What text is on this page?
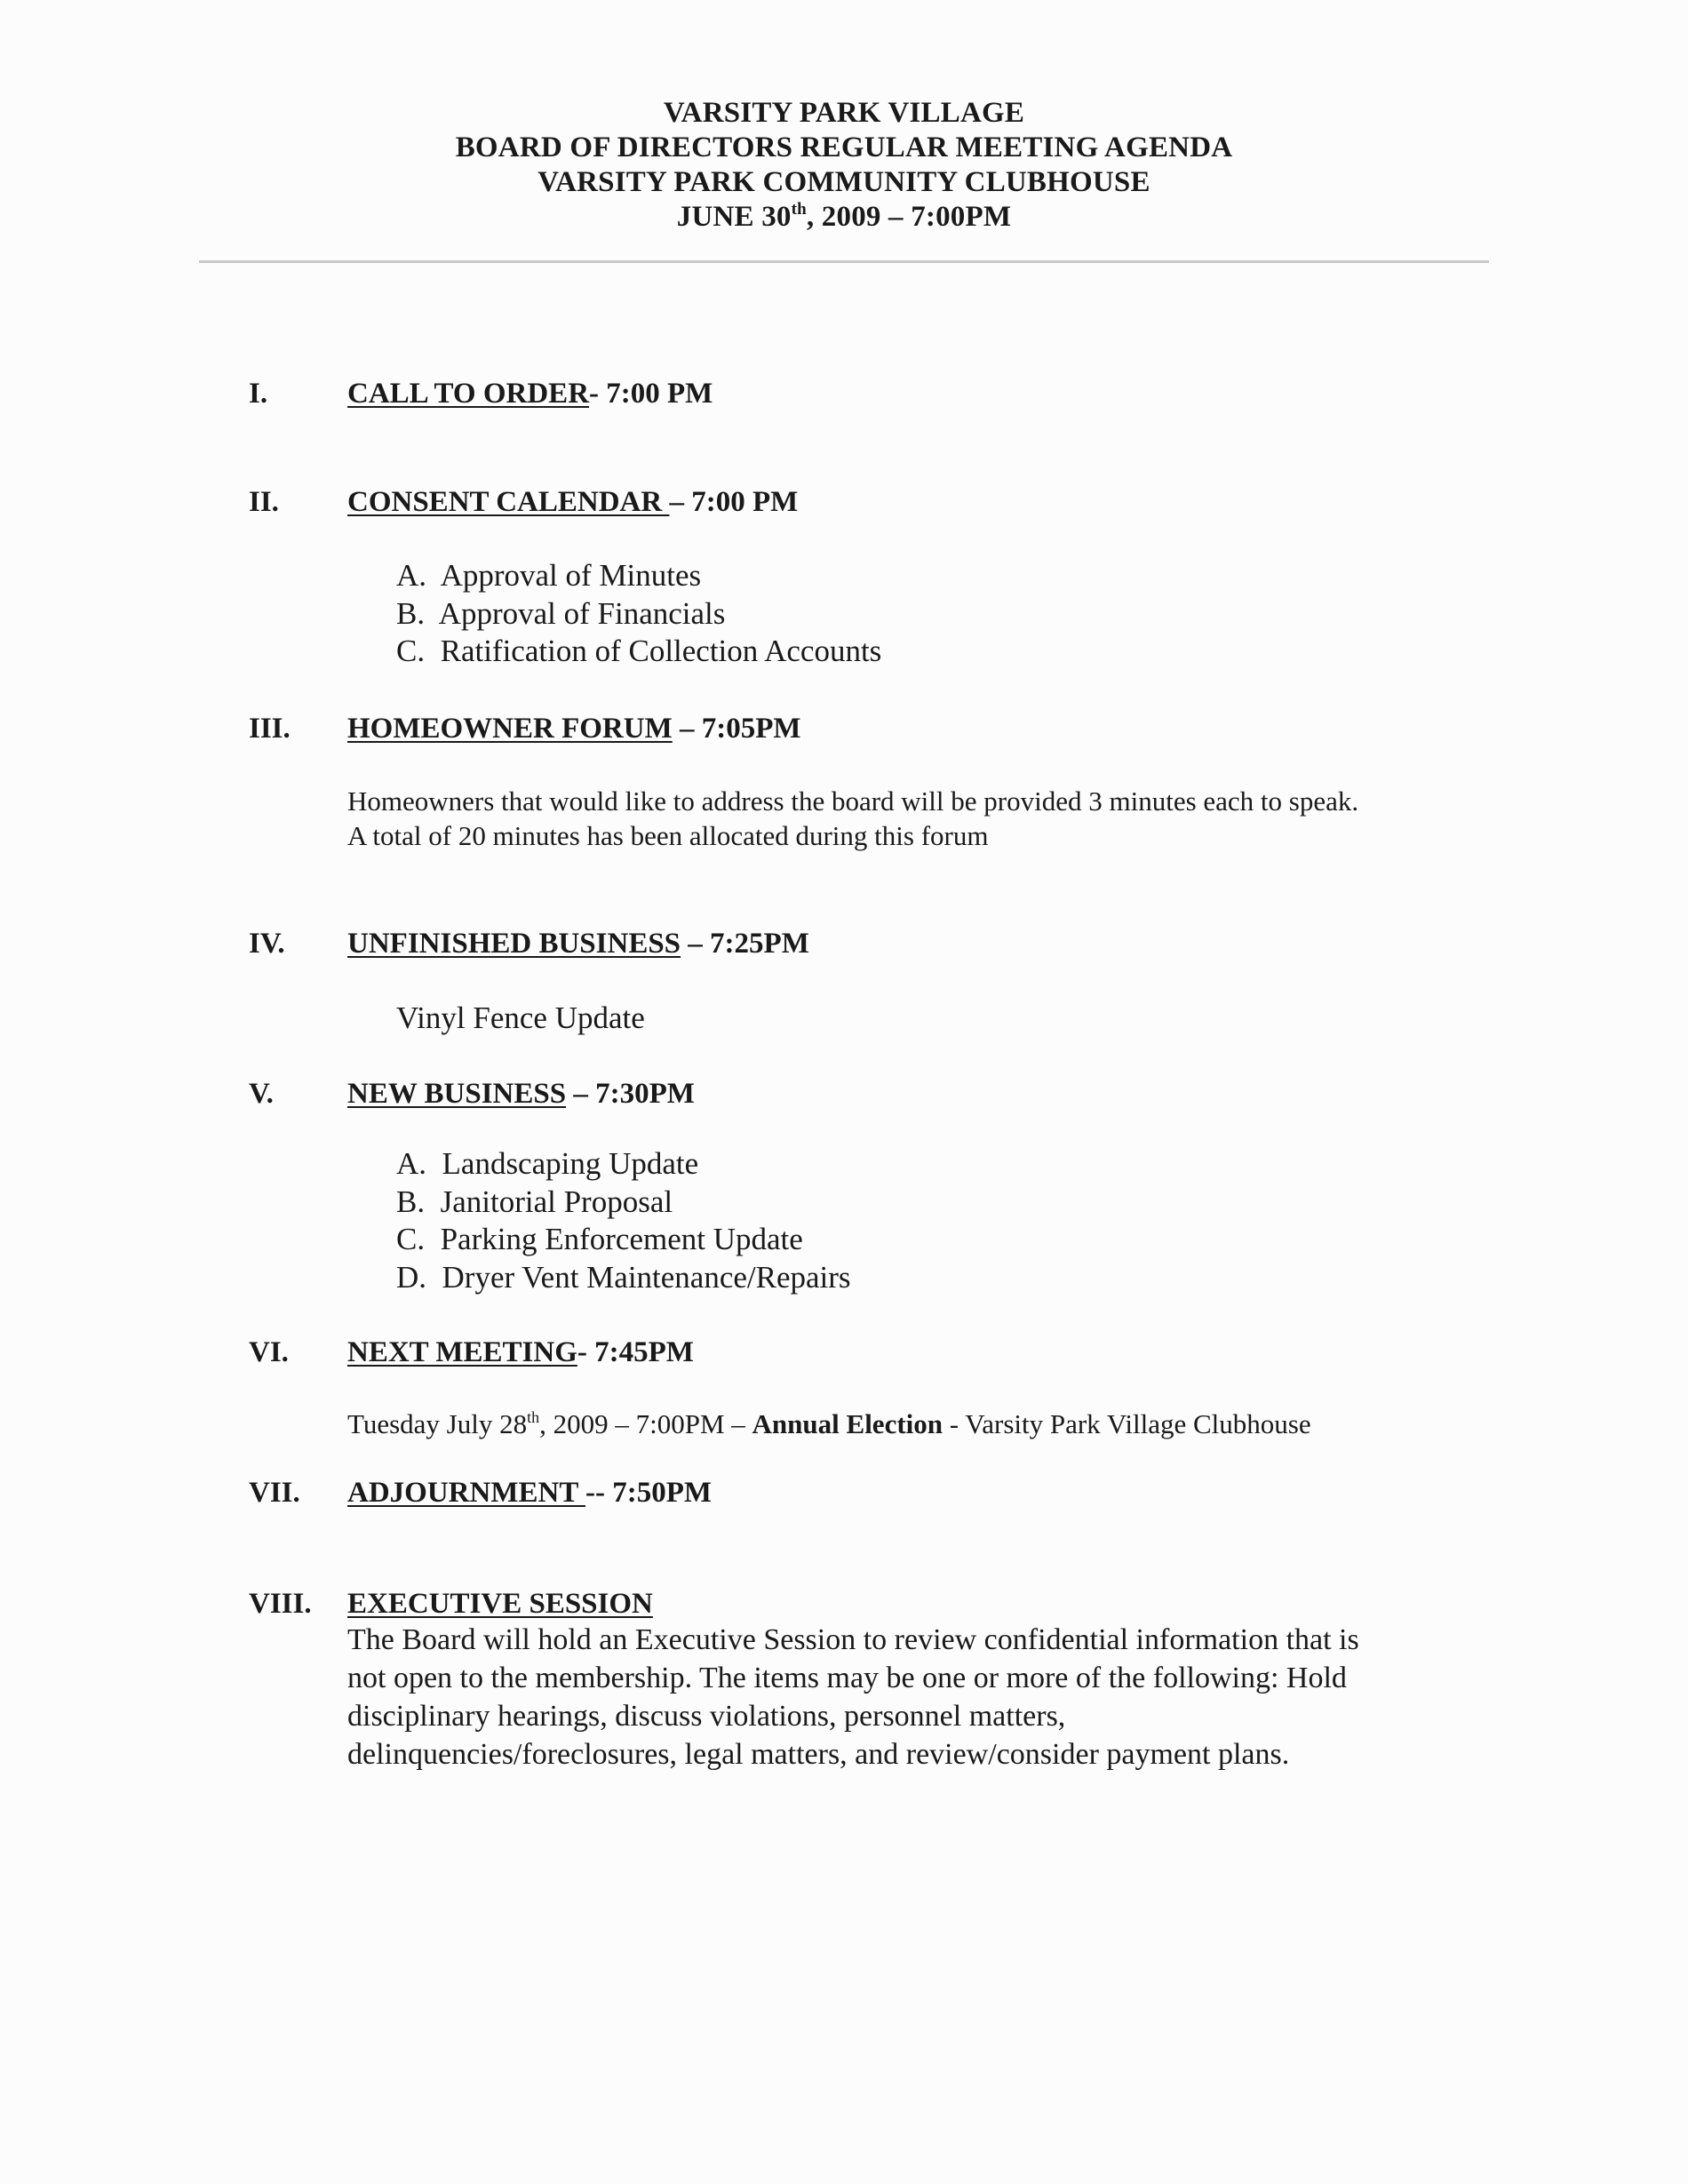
VARSITY PARK VILLAGE
BOARD OF DIRECTORS REGULAR MEETING AGENDA
VARSITY PARK COMMUNITY CLUBHOUSE
JUNE 30th, 2009 – 7:00PM
I.	CALL TO ORDER- 7:00 PM
II. CONSENT CALENDAR – 7:00 PM
A.  Approval of Minutes
B.  Approval of Financials
C.  Ratification of Collection Accounts
III. HOMEOWNER FORUM – 7:05PM
Homeowners that would like to address the board will be provided 3 minutes each to speak.
A total of 20 minutes has been allocated during this forum
IV. UNFINISHED BUSINESS – 7:25PM
Vinyl Fence Update
V.	NEW BUSINESS – 7:30PM
A.  Landscaping Update
B.  Janitorial Proposal
C.  Parking Enforcement Update
D.  Dryer Vent Maintenance/Repairs
VI. NEXT MEETING- 7:45PM
Tuesday July 28th, 2009 – 7:00PM – Annual Election - Varsity Park Village Clubhouse
VII. ADJOURNMENT -- 7:50PM
VIII. EXECUTIVE SESSION
The Board will hold an Executive Session to review confidential information that is
not open to the membership. The items may be one or more of the following: Hold
disciplinary hearings, discuss violations, personnel matters,
delinquencies/foreclosures, legal matters, and review/consider payment plans.
